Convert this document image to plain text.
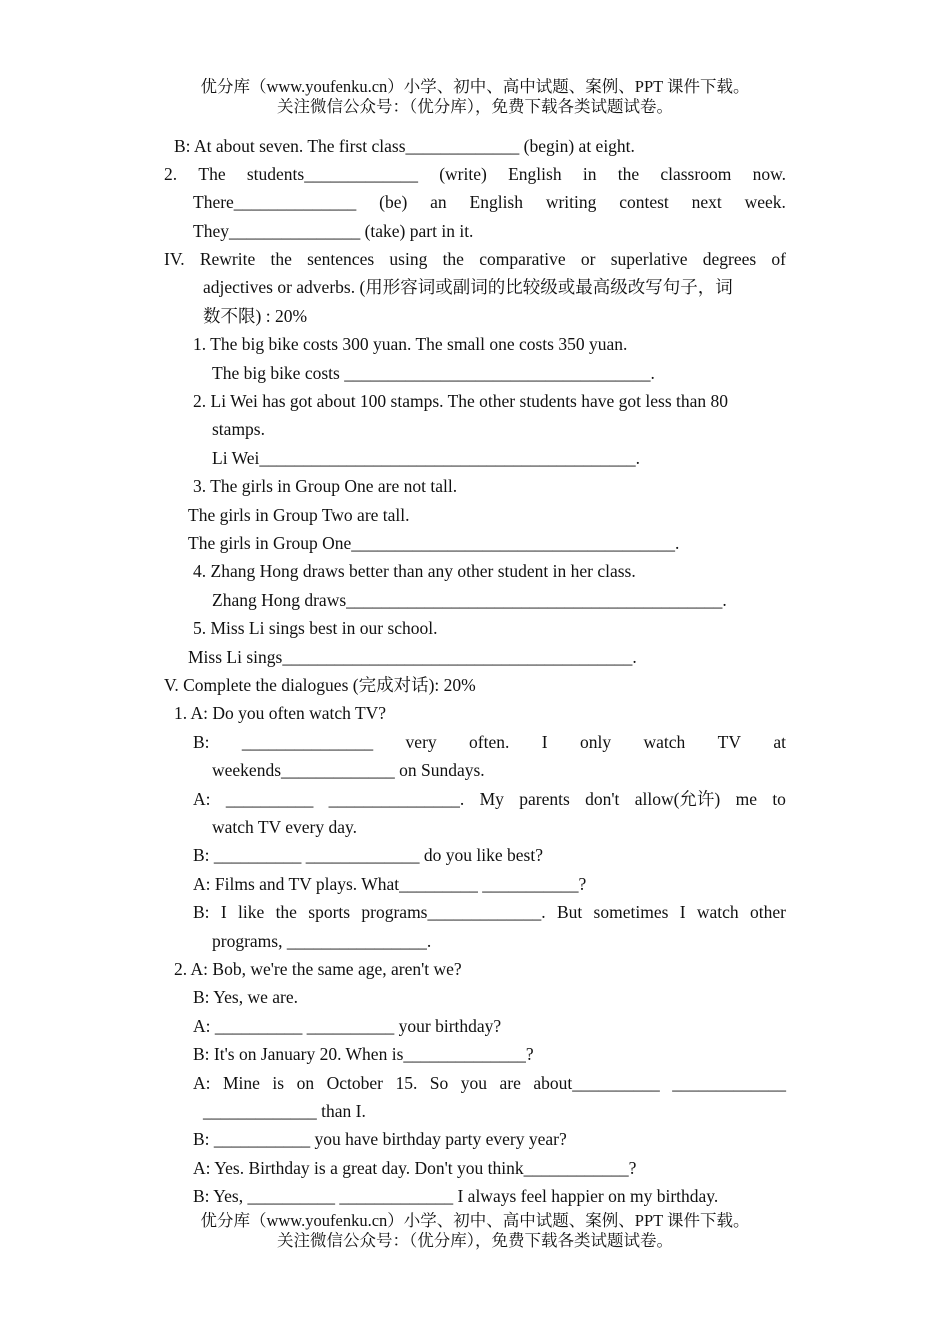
优分库（www.youfenku.cn）小学、初中、高中试题、案例、PPT 课件下载。
关注微信公众号：（优分库），免费下载各类试题试卷。
B: At about seven. The first class_____________ (begin) at eight.
2. The students_____________ (write) English in the classroom now.
There______________ (be) an English writing contest next week.
They_______________ (take) part in it.
IV. Rewrite the sentences using the comparative or superlative degrees of
adjectives or adverbs. (用形容词或副词的比较级或最高级改写句子，词
数不限) : 20%
1. The big bike costs 300 yuan. The small one costs 350 yuan.
The big bike costs ___________________________________.
2. Li Wei has got about 100 stamps. The other students have got less than 80
stamps.
Li Wei___________________________________________.
3. The girls in Group One are not tall.
The girls in Group Two are tall.
The girls in Group One_____________________________________.
4. Zhang Hong draws better than any other student in her class.
Zhang Hong draws___________________________________________.
5. Miss Li sings best in our school.
Miss Li sings________________________________________.
V. Complete the dialogues (完成对话): 20%
1. A: Do you often watch TV?
B: _______________ very often. I only watch TV at
weekends_____________ on Sundays.
A: __________ _______________. My parents don't allow(允许) me to
watch TV every day.
B: __________ _____________ do you like best?
A: Films and TV plays. What_________ ___________?
B: I like the sports programs_____________. But sometimes I watch other
programs, ________________.
2. A: Bob, we're the same age, aren't we?
B: Yes, we are.
A: __________ __________ your birthday?
B: It's on January 20. When is______________?
A: Mine is on October 15. So you are about__________ _____________
_____________ than I.
B: ___________ you have birthday party every year?
A: Yes. Birthday is a great day. Don't you think____________?
B: Yes, __________ _____________ I always feel happier on my birthday.
优分库（www.youfenku.cn）小学、初中、高中试题、案例、PPT 课件下载。
关注微信公众号：（优分库），免费下载各类试题试卷。
